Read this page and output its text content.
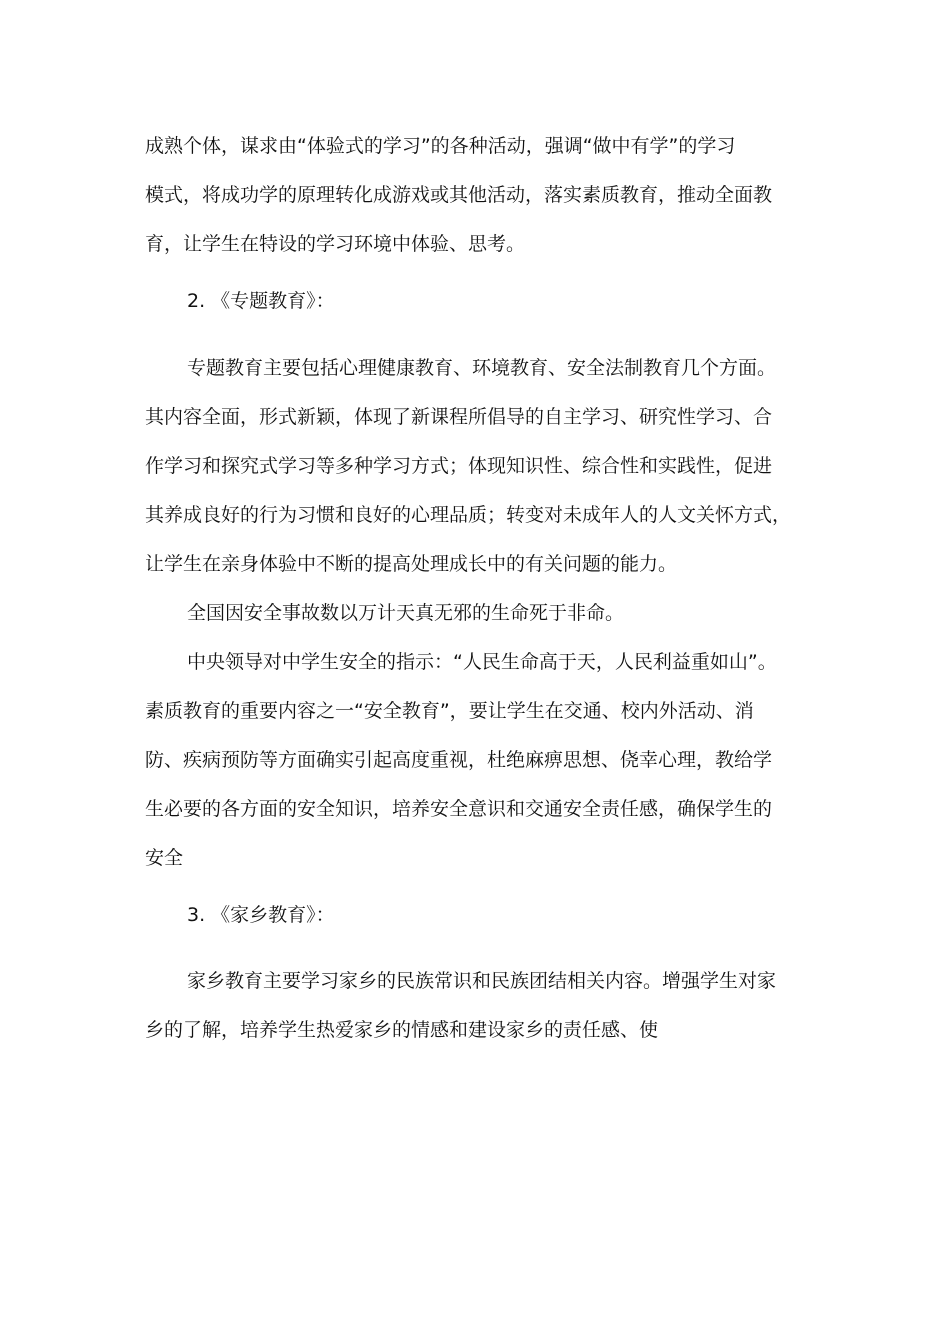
成熟个体，谋求由“体验式的学习”的各种活动，强调“做中有学”的学习
模式，将成功学的原理转化成游戏或其他活动，落实素质教育，推动全面教
育，让学生在特设的学习环境中体验、思考。
2. 《专题教育》：
专题教育主要包括心理健康教育、环境教育、安全法制教育几个方面。
其内容全面，形式新颖，体现了新课程所倡导的自主学习、研究性学习、合
作学习和探究式学习等多种学习方式；体现知识性、综合性和实践性，促进
其养成良好的行为习惯和良好的心理品质；转变对未成年人的人文关怀方式，
让学生在亲身体验中不断的提高处理成长中的有关问题的能力。
全国因安全事故数以万计天真无邪的生命死于非命。
中央领导对中学生安全的指示：“人民生命高于天，人民利益重如山”。
素质教育的重要内容之一“安全教育”，要让学生在交通、校内外活动、消
防、疾病预防等方面确实引起高度重视，杜绝麻痹思想、侥幸心理，教给学
生必要的各方面的安全知识，培养安全意识和交通安全责任感，确保学生的
安全
3. 《家乡教育》：
家乡教育主要学习家乡的民族常识和民族团结相关内容。增强学生对家
乡的了解，培养学生热爱家乡的情感和建设家乡的责任感、使
